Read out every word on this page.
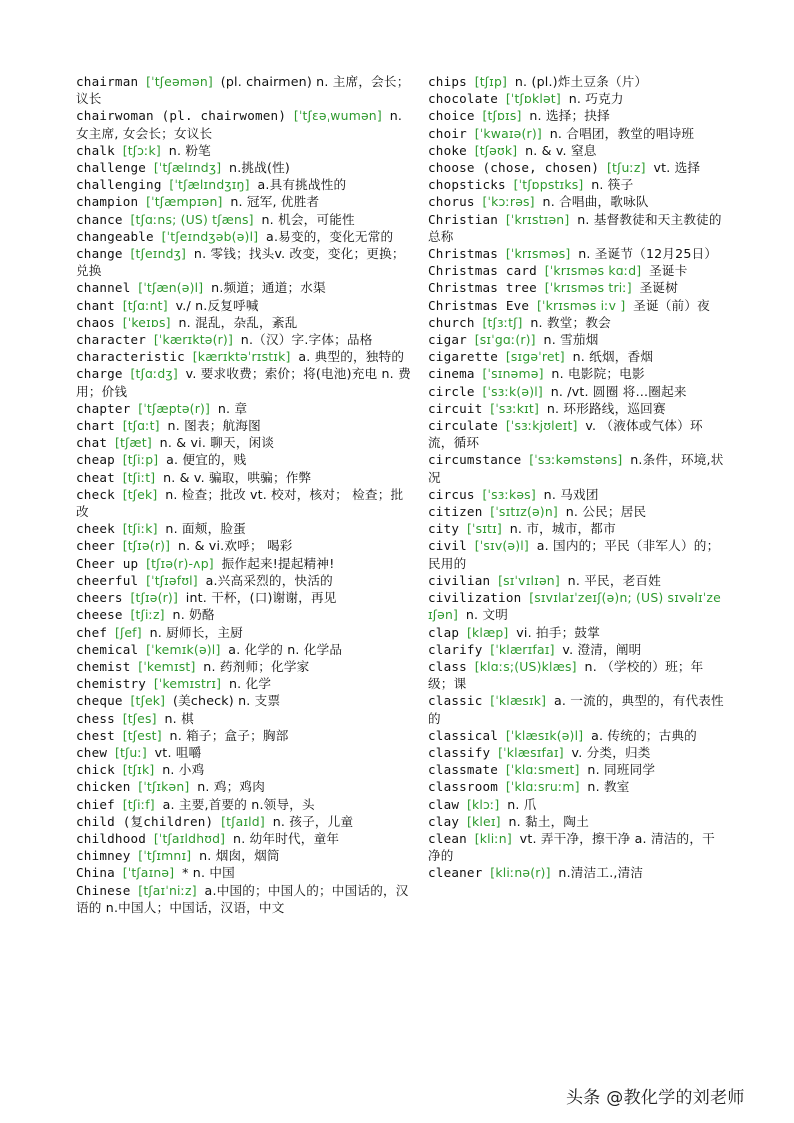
chairman [ˈtʃeəmən] (pl. chairmen) n. 主席，会长；议长
chairwoman (pl. chairwomen) [ˈtʃɛəˌwumən] n. 女主席, 女会长；女议长
chalk [tʃɔːk] n. 粉笔
challenge [ˈtʃælɪndʒ] n.挑战(性)
challenging [ˈtʃælɪndʒɪŋ] a.具有挑战性的
champion [ˈtʃæmpɪən] n. 冠军, 优胜者
chance [tʃɑːns; (US) tʃæns] n. 机会，可能性
changeable [ˈtʃeɪndʒəb(ə)l] a.易变的，变化无常的
change [tʃeɪndʒ] n. 零钱；找头v. 改变，变化；更换；兑换
channel [ˈtʃæn(ə)l] n.频道；通道；水渠
chant [tʃɑːnt] v./ n.反复呼喊
chaos [ˈkeɪɒs] n. 混乱，杂乱，紊乱
character [ˈkærɪktə(r)] n.（汉）字.字体；品格
characteristic [kærɪktəˈrɪstɪk] a. 典型的，独特的
charge [tʃɑːdʒ] v. 要求收费；索价；将(电池)充电 n. 费用；价钱
chapter [ˈtʃæptə(r)] n. 章
chart [tʃɑːt] n. 图表；航海图
chat [tʃæt] n. & vi. 聊天，闲谈
cheap [tʃiːp] a. 便宜的，贱
cheat [tʃiːt] n. & v. 骗取，哄骗；作弊
check [tʃek] n. 检查；批改 vt. 校对，核对； 检查；批改
cheek [tʃiːk] n. 面颊，脸蛋
cheer [tʃɪə(r)] n. & vi.欢呼； 喝彩
Cheer up [tʃɪə(r)-ʌp] 振作起来!提起精神!
cheerful [ˈtʃɪəfʊl] a.兴高采烈的，快活的
cheers [tʃɪə(r)] int. 干杯，(口)谢谢，再见
cheese [tʃiːz] n. 奶酪
chef [ʃef] n. 厨师长，主厨
chemical [ˈkemɪk(ə)l] a. 化学的 n. 化学品
chemist [ˈkemɪst] n. 药剂师；化学家
chemistry [ˈkemɪstrɪ] n. 化学
cheque [tʃek] (美check) n. 支票
chess [tʃes] n. 棋
chest [tʃest] n. 箱子；盒子；胸部
chew [tʃuː] vt. 咀嚼
chick [tʃɪk] n. 小鸡
chicken [ˈtʃɪkən] n. 鸡；鸡肉
chief [tʃiːf] a. 主要,首要的 n.领导，头
child (复children) [tʃaɪld] n. 孩子，儿童
childhood [ˈtʃaɪldhʊd] n. 幼年时代，童年
chimney [ˈtʃɪmnɪ] n. 烟囱，烟筒
China [ˈtʃaɪnə] * n. 中国
Chinese [tʃaɪˈniːz] a.中国的；中国人的；中国话的，汉语的 n.中国人；中国话，汉语，中文
chips [tʃɪp] n. (pl.)炸土豆条（片）
chocolate [ˈtʃɒklət] n. 巧克力
choice [tʃɒɪs] n. 选择；抉择
choir [ˈkwaɪə(r)] n. 合唱团，教堂的唱诗班
choke [tʃəʊk] n. & v. 窒息
choose (chose, chosen) [tʃuːz] vt. 选择
chopsticks [ˈtʃɒpstɪks] n. 筷子
chorus [ˈkɔːrəs] n. 合唱曲，歌咏队
Christian [ˈkrɪstɪən] n. 基督教徒和天主教徒的总称
Christmas [ˈkrɪsməs] n. 圣诞节（12月25日）
Christmas card [ˈkrɪsməs kɑːd] 圣诞卡
Christmas tree [ˈkrɪsməs triː] 圣诞树
Christmas Eve [ˈkrɪsməs iːv ] 圣诞（前）夜
church [tʃɜːtʃ] n. 教堂；教会
cigar [sɪˈgɑː(r)] n. 雪茄烟
cigarette [sɪgəˈret] n. 纸烟，香烟
cinema [ˈsɪnəmə] n. 电影院；电影
circle [ˈsɜːk(ə)l] n. /vt. 圆圈 将…圈起来
circuit [ˈsɜːkɪt] n. 环形路线，巡回赛
circulate [ˈsɜːkjʊleɪt] v. （液体或气体）环流，循环
circumstance [ˈsɜːkəmstəns] n.条件，环境,状况
circus [ˈsɜːkəs] n. 马戏团
citizen [ˈsɪtɪz(ə)n] n. 公民；居民
city [ˈsɪtɪ] n. 市，城市，都市
civil [ˈsɪv(ə)l] a. 国内的；平民（非军人）的；民用的
civilian [sɪˈvɪlɪən] n. 平民，老百姓
civilization [sɪvɪlaɪˈzeɪʃ(ə)n; (US) sɪvəlɪˈzeɪʃən] n. 文明
clap [klæp] vi. 拍手；鼓掌
clarify [ˈklærɪfaɪ] v. 澄清，阐明
class [klɑːs;(US)klæs] n. （学校的）班；年级；课
classic [ˈklæsɪk] a. 一流的，典型的，有代表性的
classical [ˈklæsɪk(ə)l] a. 传统的；古典的
classify [ˈklæsɪfaɪ] v. 分类，归类
classmate [ˈklɑːsmeɪt] n. 同班同学
classroom [ˈklɑːsruːm] n. 教室
claw [klɔː] n. 爪
clay [kleɪ] n. 黏土，陶土
clean [kliːn] vt. 弄干净，擦干净 a. 清洁的，干净的
cleaner [kliːnə(r)] n.清洁工.,清洁
头条 @教化学的刘老师
